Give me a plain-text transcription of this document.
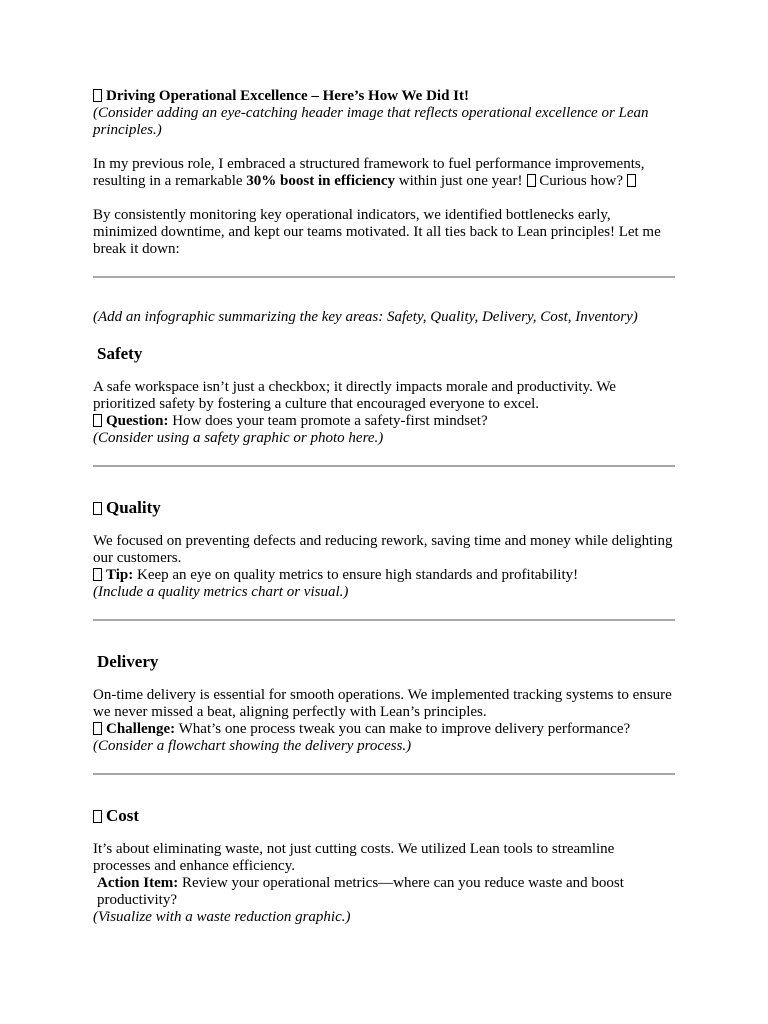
Driving Operational Excellence – Here’s How We Did It!

(Consider adding an eye-catching header image that reflects operational excellence or Lean principles.)

In my previous role, I embraced a structured framework to fuel performance improvements, resulting in a remarkable 30% boost in efficiency within just one year! Curious how?

By consistently monitoring key operational indicators, we identified bottlenecks early, minimized downtime, and kept our teams motivated. It all ties back to Lean principles! Let me break it down:

(Add an infographic summarizing the key areas: Safety, Quality, Delivery, Cost, Inventory)

Safety

A safe workspace isn’t just a checkbox; it directly impacts morale and productivity. We prioritized safety by fostering a culture that encouraged everyone to excel.

Question: How does your team promote a safety-first mindset?

(Consider using a safety graphic or photo here.)

Quality

We focused on preventing defects and reducing rework, saving time and money while delighting our customers.

Tip: Keep an eye on quality metrics to ensure high standards and profitability!

(Include a quality metrics chart or visual.)

Delivery

On-time delivery is essential for smooth operations. We implemented tracking systems to ensure we never missed a beat, aligning perfectly with Lean’s principles.

Challenge: What’s one process tweak you can make to improve delivery performance?

(Consider a flowchart showing the delivery process.)

Cost

It’s about eliminating waste, not just cutting costs. We utilized Lean tools to streamline processes and enhance efficiency.

Action Item: Review your operational metrics—where can you reduce waste and boost productivity?

(Visualize with a waste reduction graphic.)
